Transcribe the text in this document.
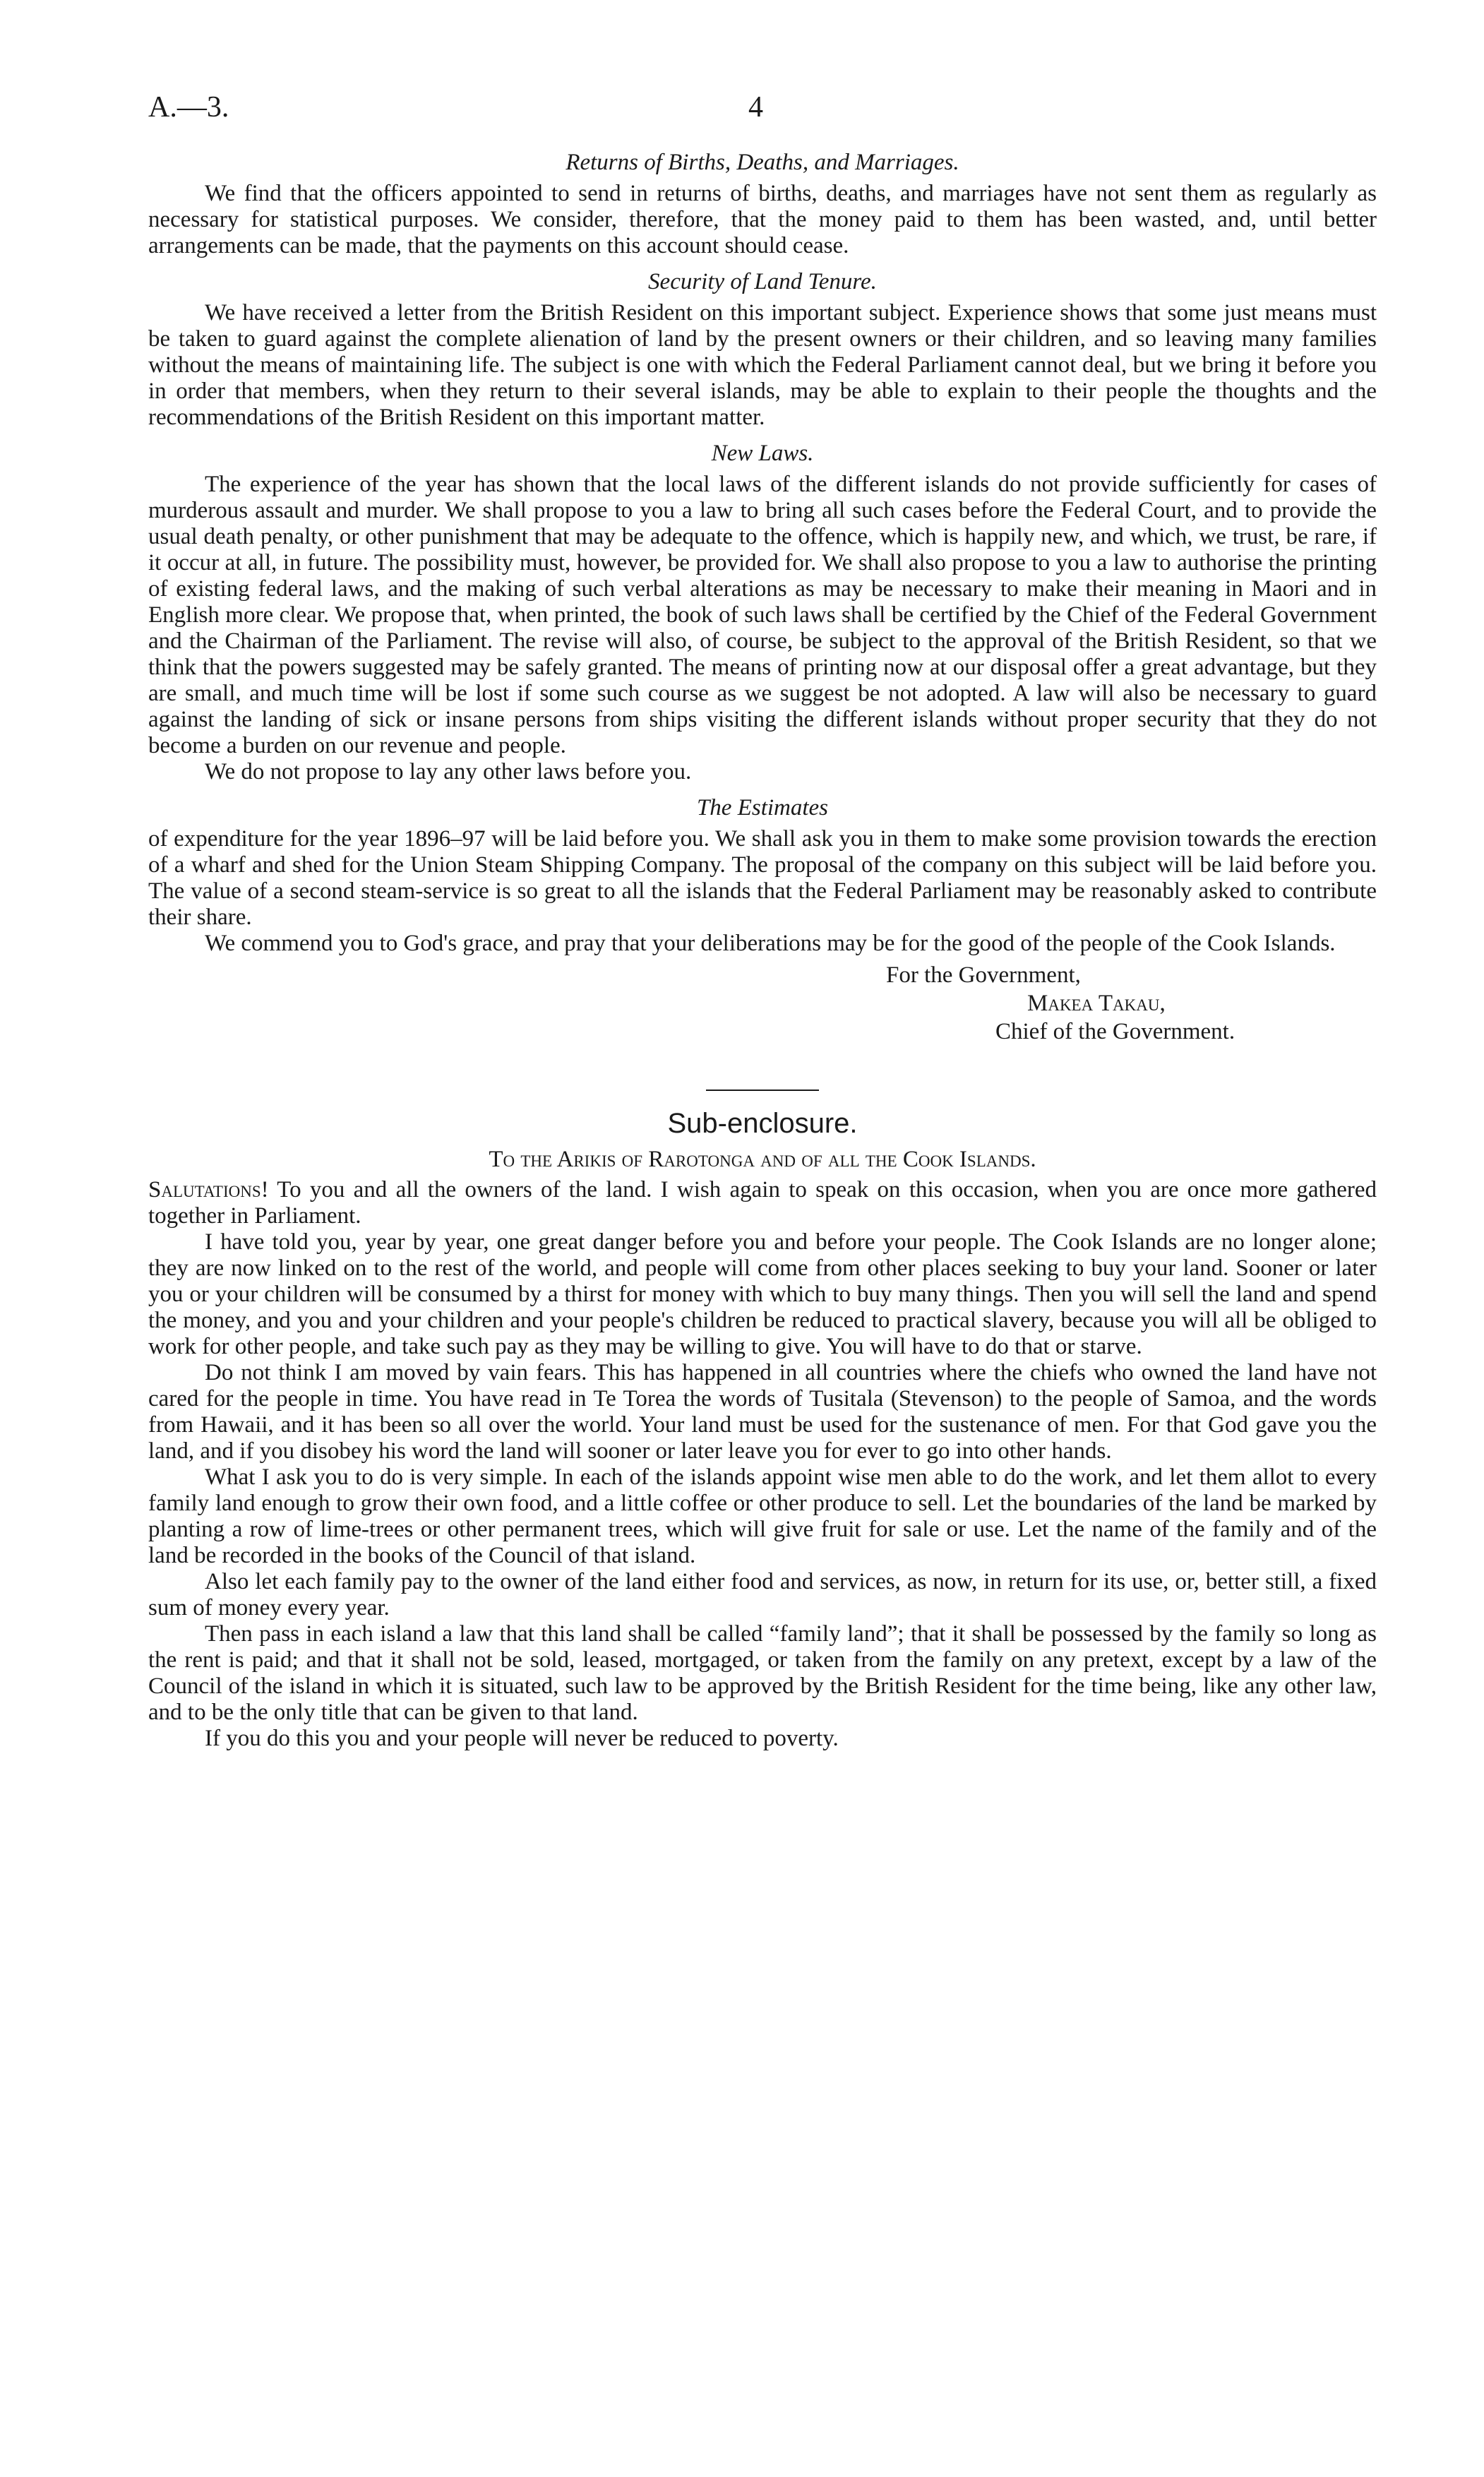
A.—3.	4
Returns of Births, Deaths, and Marriages.

We find that the officers appointed to send in returns of births, deaths, and marriages have not sent them as regularly as necessary for statistical purposes. We consider, therefore, that the money paid to them has been wasted, and, until better arrangements can be made, that the payments on this account should cease.

Security of Land Tenure.

We have received a letter from the British Resident on this important subject. Experience shows that some just means must be taken to guard against the complete alienation of land by the present owners or their children, and so leaving many families without the means of maintaining life. The subject is one with which the Federal Parliament cannot deal, but we bring it before you in order that members, when they return to their several islands, may be able to explain to their people the thoughts and the recommendations of the British Resident on this important matter.

New Laws.

The experience of the year has shown that the local laws of the different islands do not provide sufficiently for cases of murderous assault and murder. We shall propose to you a law to bring all such cases before the Federal Court, and to provide the usual death penalty, or other punishment that may be adequate to the offence, which is happily new, and which, we trust, be rare, if it occur at all, in future. The possibility must, however, be provided for. We shall also propose to you a law to authorise the printing of existing federal laws, and the making of such verbal alterations as may be necessary to make their meaning in Maori and in English more clear. We propose that, when printed, the book of such laws shall be certified by the Chief of the Federal Government and the Chairman of the Parliament. The revise will also, of course, be subject to the approval of the British Resident, so that we think that the powers suggested may be safely granted. The means of printing now at our disposal offer a great advantage, but they are small, and much time will be lost if some such course as we suggest be not adopted. A law will also be necessary to guard against the landing of sick or insane persons from ships visiting the different islands without proper security that they do not become a burden on our revenue and people.

We do not propose to lay any other laws before you.

The Estimates

of expenditure for the year 1896–97 will be laid before you. We shall ask you in them to make some provision towards the erection of a wharf and shed for the Union Steam Shipping Company. The proposal of the company on this subject will be laid before you. The value of a second steam-service is so great to all the islands that the Federal Parliament may be reasonably asked to contribute their share.

We commend you to God's grace, and pray that your deliberations may be for the good of the people of the Cook Islands.

For the Government,
Makea Takau,
Chief of the Government.
Sub-enclosure.
To the Arikis of Rarotonga and of all the Cook Islands.

Salutations! To you and all the owners of the land. I wish again to speak on this occasion, when you are once more gathered together in Parliament.

I have told you, year by year, one great danger before you and before your people. The Cook Islands are no longer alone; they are now linked on to the rest of the world, and people will come from other places seeking to buy your land. Sooner or later you or your children will be consumed by a thirst for money with which to buy many things. Then you will sell the land and spend the money, and you and your children and your people's children be reduced to practical slavery, because you will all be obliged to work for other people, and take such pay as they may be willing to give. You will have to do that or starve.

Do not think I am moved by vain fears. This has happened in all countries where the chiefs who owned the land have not cared for the people in time. You have read in Te Torea the words of Tusitala (Stevenson) to the people of Samoa, and the words from Hawaii, and it has been so all over the world. Your land must be used for the sustenance of men. For that God gave you the land, and if you disobey his word the land will sooner or later leave you for ever to go into other hands.

What I ask you to do is very simple. In each of the islands appoint wise men able to do the work, and let them allot to every family land enough to grow their own food, and a little coffee or other produce to sell. Let the boundaries of the land be marked by planting a row of lime-trees or other permanent trees, which will give fruit for sale or use. Let the name of the family and of the land be recorded in the books of the Council of that island.

Also let each family pay to the owner of the land either food and services, as now, in return for its use, or, better still, a fixed sum of money every year.

Then pass in each island a law that this land shall be called “family land”; that it shall be possessed by the family so long as the rent is paid; and that it shall not be sold, leased, mortgaged, or taken from the family on any pretext, except by a law of the Council of the island in which it is situated, such law to be approved by the British Resident for the time being, like any other law, and to be the only title that can be given to that land.

If you do this you and your people will never be reduced to poverty.
